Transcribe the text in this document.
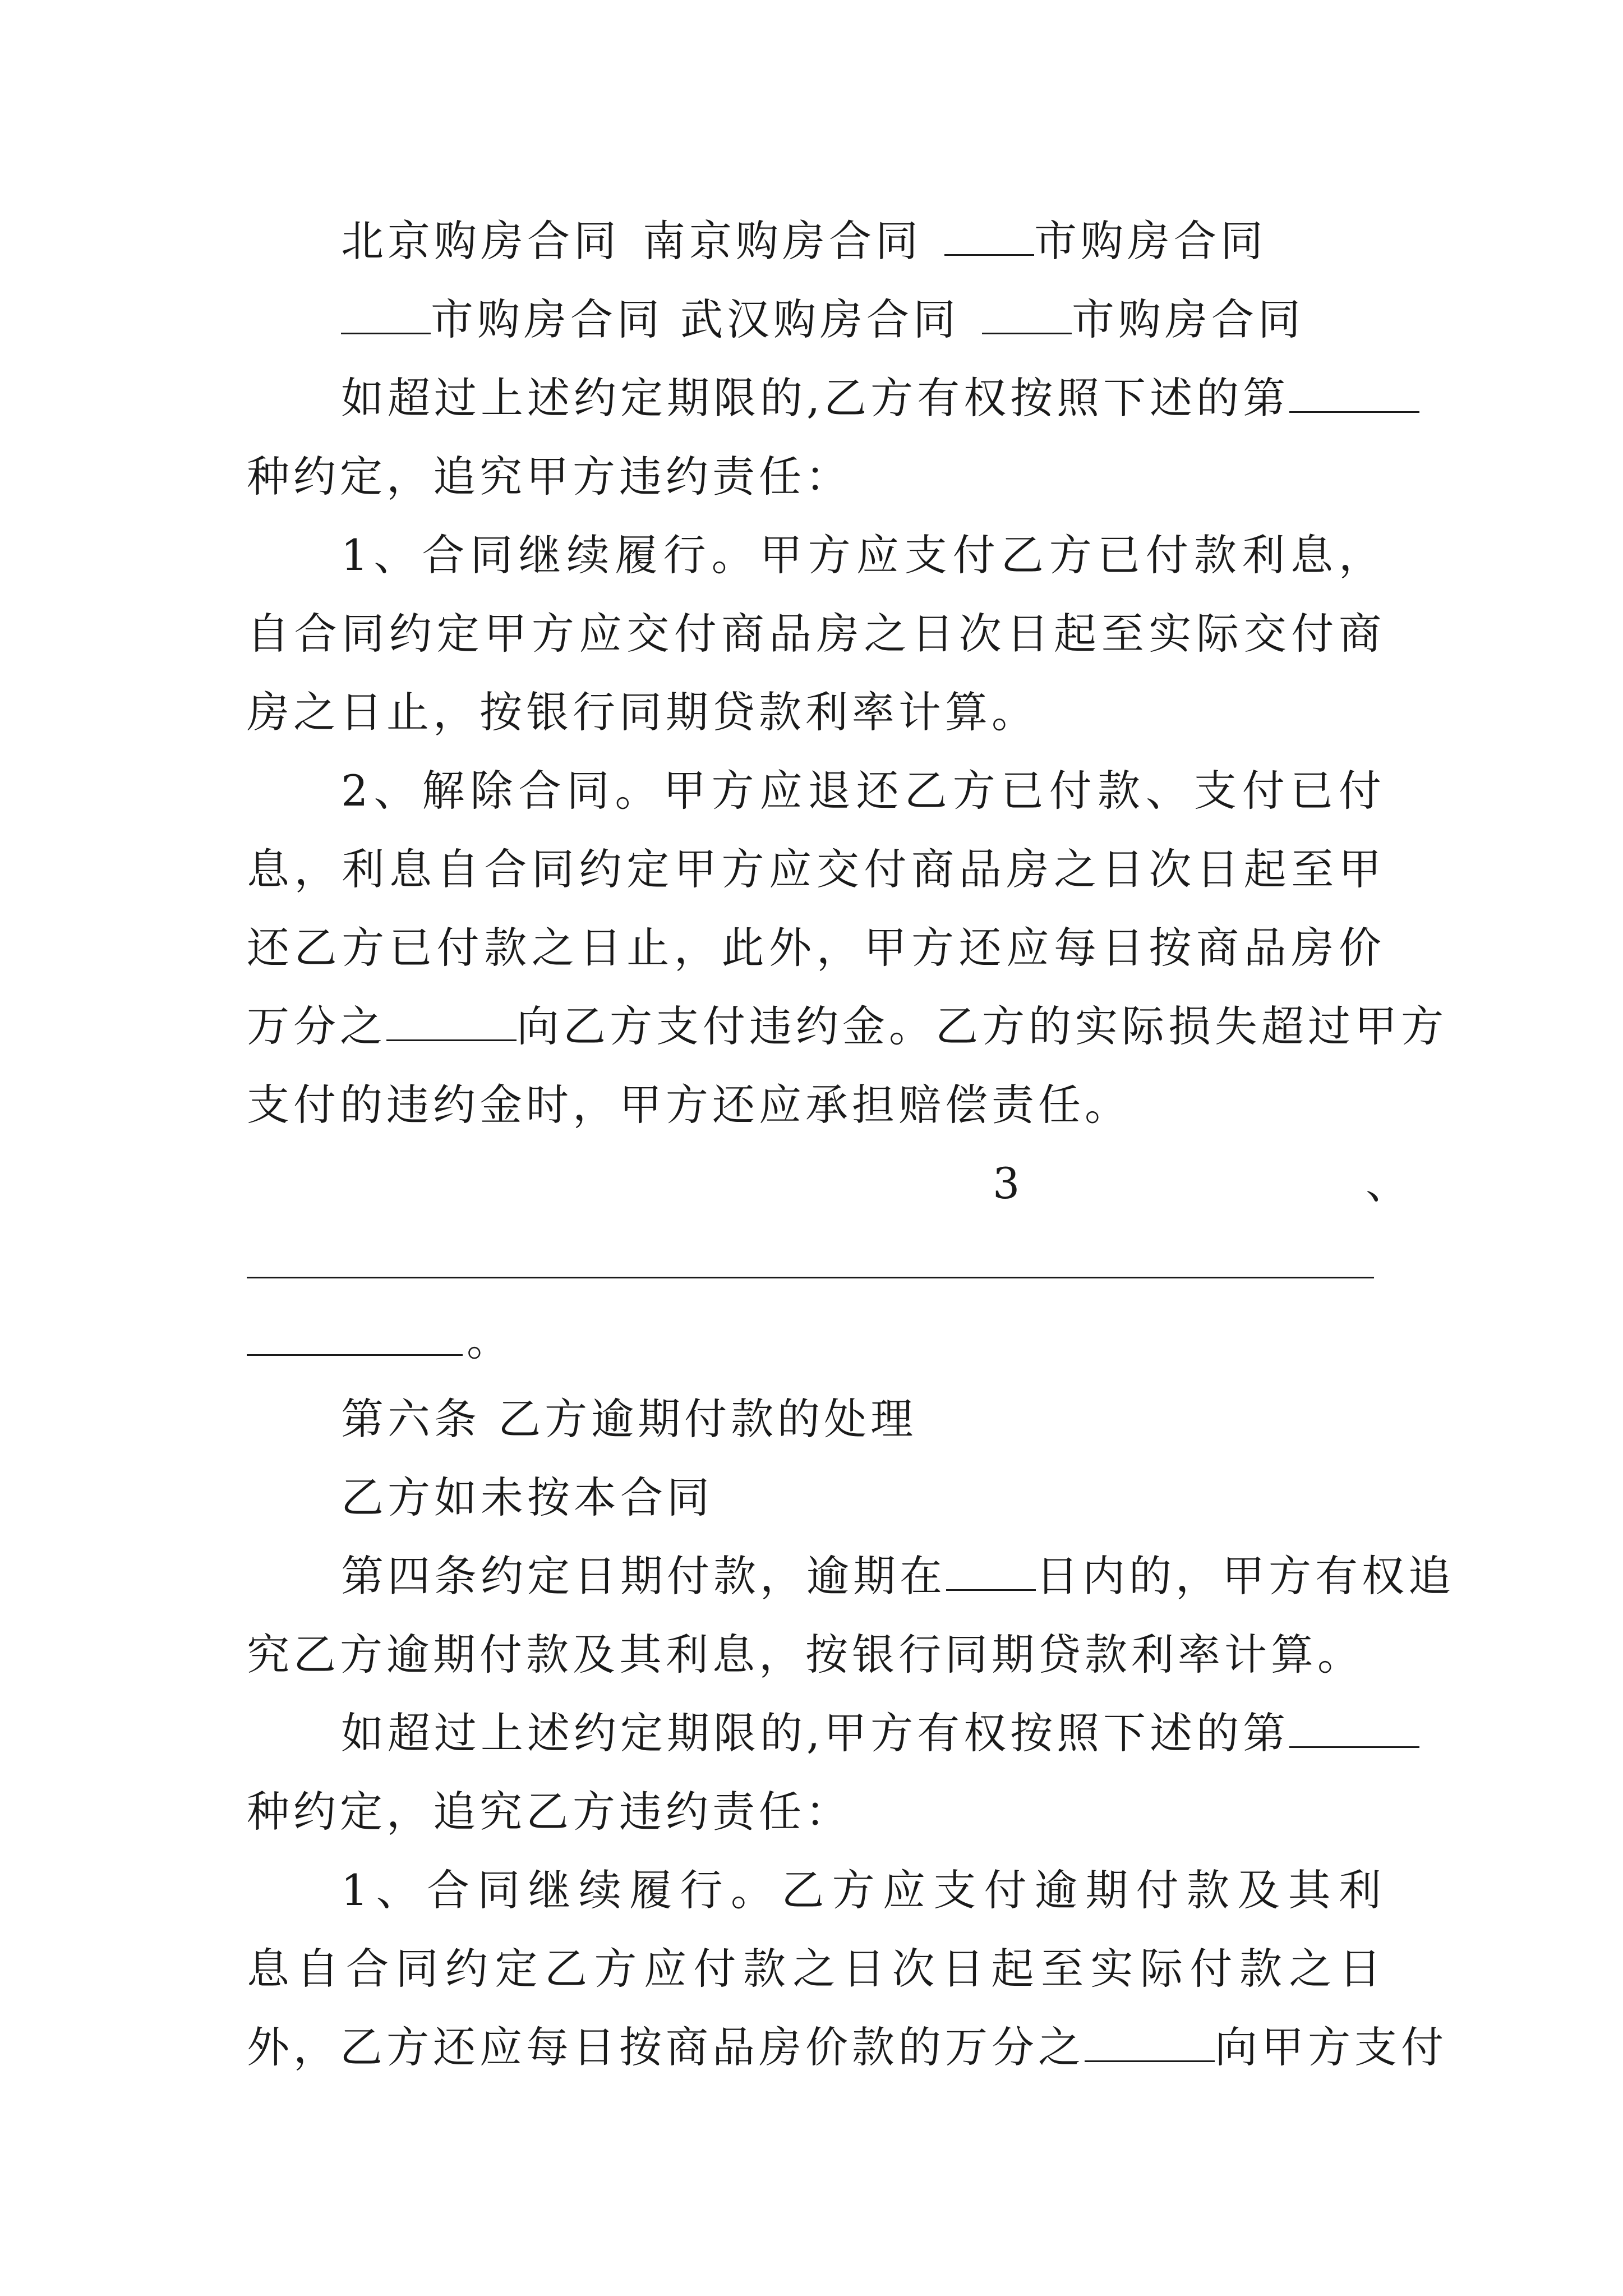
北京购房合同 南京购房合同	市购房合同
市购房合同 武汉购房合同	市购房合同
如超过上述约定期限的,乙方有权按照下述的第
种约定，追究甲方违约责任：
1、合同继续履行。甲方应支付乙方已付款利息，
自合同约定甲方应交付商品房之日次日起至实际交付商
房之日止，按银行同期贷款利率计算。
2、解除合同。甲方应退还乙方已付款、支付已付
息，利息自合同约定甲方应交付商品房之日次日起至甲
还乙方已付款之日止，此外，甲方还应每日按商品房价
万分之	向乙方支付违约金。乙方的实际损失超过甲方
支付的违约金时，甲方还应承担赔偿责任。
3	、
。
第六条 乙方逾期付款的处理
乙方如未按本合同
第四条约定日期付款，逾期在 日内的，甲方有权追
究乙方逾期付款及其利息，按银行同期贷款利率计算。
如超过上述约定期限的,甲方有权按照下述的第
种约定，追究乙方违约责任：
1、合同继续履行。乙方应支付逾期付款及其利
息自合同约定乙方应付款之日次日起至实际付款之日
外，乙方还应每日按商品房价款的万分之	向甲方支付
